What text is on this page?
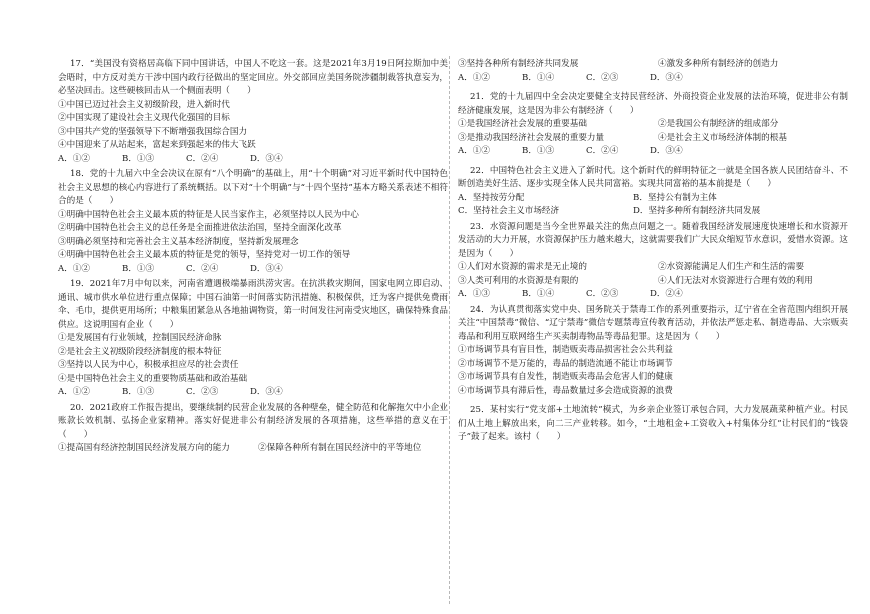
17．“美国没有资格居高临下同中国讲话，中国人不吃这一套。这是2021年3月19日阿拉斯加中美会晤时，中方反对美方干涉中国内政行径做出的坚定回应。外交部回应美国务院涉疆制裁答执意妄为，必坚决回击。这些硬核回击从一个侧面表明（　　）

①中国已迈过社会主义初级阶段，进入新时代
②中国实现了建设社会主义现代化强国的目标
③中国共产党的坚强领导下不断增强我国综合国力
④中国迎来了从站起来，富起来到强起来的伟大飞跃
A．①②	B．①③	C．②④	D．③④

18．党的十九届六中全会决议在原有“八个明确”的基础上，用“十个明确”对习近平新时代中国特色社会主义思想的核心内容进行了系统概括。以下对“十个明确”与“十四个坚持”基本方略关系表述不相符合的是（　　）

①明确中国特色社会主义最本质的特征是人民当家作主，必须坚持以人民为中心
②明确中国特色社会主义的总任务是全面推进依法治国，坚持全面深化改革
③明确必须坚持和完善社会主义基本经济制度，坚持新发展理念
④明确中国特色社会主义最本质的特征是党的领导，坚持党对一切工作的领导
A．①②	B．①③	C．②④	D．③④

19．2021年7月中旬以来，河南省遭遇极端暴雨洪涝灾害。在抗洪救灾期间，国家电网立即启动、通讯、城市供水单位进行重点保障；中国石油第一时间落实防汛措施、积极保供，迁为客户提供免费雨伞、毛巾，提供更用场所；中粮集团紧急从各地抽调物资，第一时间发往河南受灾地区，确保特殊食品供应。这说明国有企业（　　）

①是发展国有行业领域，控制国民经济命脉
②是社会主义初级阶段经济制度的根本特征
③坚持以人民为中心，积极承担应尽的社会责任
④是中国特色社会主义的重要物质基础和政治基础
A．①②	B．①③	C．②③	D．③④

20．2021政府工作报告提出，要继续制约民营企业发展的各种壁垒，健全防范和化解拖欠中小企业账款长效机制、弘扬企业家精神。落实好促进非公有制经济发展的各项措施，这些举措的意义在于（　　）

①提高国有经济控制国民经济发展方向的能力	②保障各种所有制在国民经济中的平等地位
③坚持各种所有制经济共同发展	④激发多种所有制经济的创造力
A．①②	B．①④	C．②③	D．③④

21．党的十九届四中全会决定要健全支持民营经济、外商投资企业发展的法治环境，促进非公有制经济健康发展，这是因为非公有制经济（　　）

①是我国经济社会发展的重要基础	②是我国公有制经济的组成部分
③是推动我国经济社会发展的重要力量	④是社会主义市场经济体制的根基
A．①②	B．①③	C．②④	D．③④

22．中国特色社会主义进入了新时代。这个新时代的鲜明特征之一就是全国各族人民团结奋斗、不断创造美好生活、逐步实现全体人民共同富裕。实现共同富裕的基本前提是（　　）

A．坚持按劳分配	B．坚持公有制为主体
C．坚持社会主义市场经济	D．坚持多种所有制经济共同发展

23．水资源问题是当今全世界最关注的焦点问题之一。随着我国经济发展速度快速增长和水资源开发活动的大力开展，水资源保护压力越来越大，这就需要我们广大民众缩短节水意识，爱惜水资源。这是因为（　　）

①人们对水资源的需求是无止境的	②水资源能满足人们生产和生活的需要
③人类可利用的水资源是有限的	④人们无法对水资源进行合理有效的利用
A．①③	B．①④	C．②③	D．②④

24．为认真贯彻落实党中央、国务院关于禁毒工作的系列重要指示，辽宁省在全省范围内组织开展关注“中国禁毒”微信、“辽宁禁毒”微信专题禁毒宣传教育活动，并依法严惩走私、制造毒品、大宗贩卖毒品和利用互联网络生产买卖制毒物品等毒品犯罪。这是因为（　　）

①市场调节具有盲目性，制造贩卖毒品损害社会公共利益
②市场调节不是万能的，毒品的制造流通不能让市场调节
③市场调节具有自发性，制造贩卖毒品会危害人们的健康
④市场调节具有滞后性，毒品数量过多会造成资源的浪费

25．某村实行“党支部+土地流转”模式，为乡亲企业签订承包合同，大力发展蔬菜种植产业。村民们从土地上解放出来，向二三产业转移。如今，“土地租金+工资收入+村集体分红”让村民们的“钱袋子”鼓了起来。该村（　　）
